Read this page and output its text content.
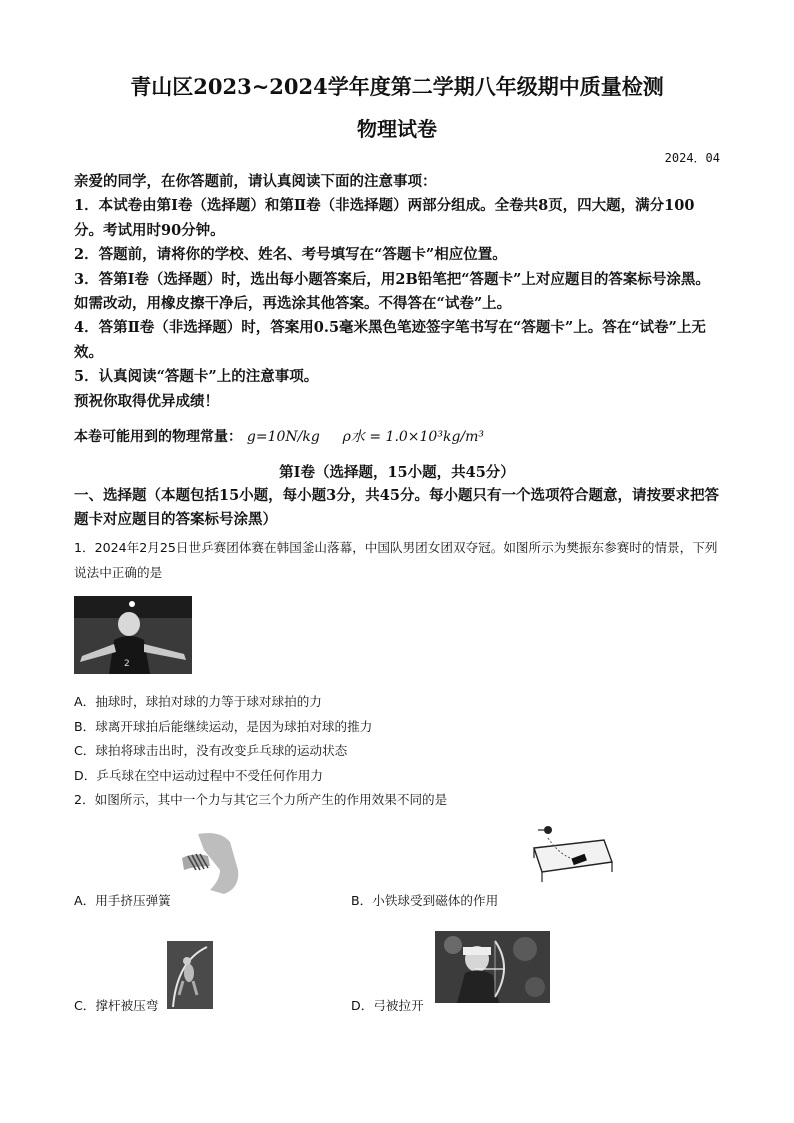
青山区2023~2024学年度第二学期八年级期中质量检测
物理试卷
2024．04

亲爱的同学，在你答题前，请认真阅读下面的注意事项：

1．本试卷由第Ⅰ卷（选择题）和第Ⅱ卷（非选择题）两部分组成。全卷共8页，四大题，满分100分。考试用时90分钟。

2．答题前，请将你的学校、姓名、考号填写在“答题卡”相应位置。

3．答第Ⅰ卷（选择题）时，选出每小题答案后，用2B铅笔把“答题卡”上对应题目的答案标号涂黑。如需改动，用橡皮擦干净后，再选涂其他答案。不得答在“试卷”上。

4．答第Ⅱ卷（非选择题）时，答案用0.5毫米黑色笔迹签字笔书写在“答题卡”上。答在“试卷”上无效。

5．认真阅读“答题卡”上的注意事项。

预祝你取得优异成绩！

本卷可能用到的物理常量： g=10N/kg ρ水 = 1.0×10³kg/m³
第Ⅰ卷（选择题，15小题，共45分）

一、选择题（本题包括15小题，每小题3分，共45分。每小题只有一个选项符合题意，请按要求把答题卡对应题目的答案标号涂黑）

1．2024年2月25日世乒赛团体赛在韩国釜山落幕，中国队男团女团双夺冠。如图所示为樊振东参赛时的情景，下列说法中正确的是

2

A．抽球时，球拍对球的力等于球对球拍的力

B．球离开球拍后能继续运动，是因为球拍对球的推力

C．球拍将球击出时，没有改变乒乓球的运动状态

D．乒乓球在空中运动过程中不受任何作用力

2．如图所示，其中一个力与其它三个力所产生的作用效果不同的是

A．用手挤压弹簧	B．小铁球受到磁体的作用
C．撑杆被压弯	D．弓被拉开
